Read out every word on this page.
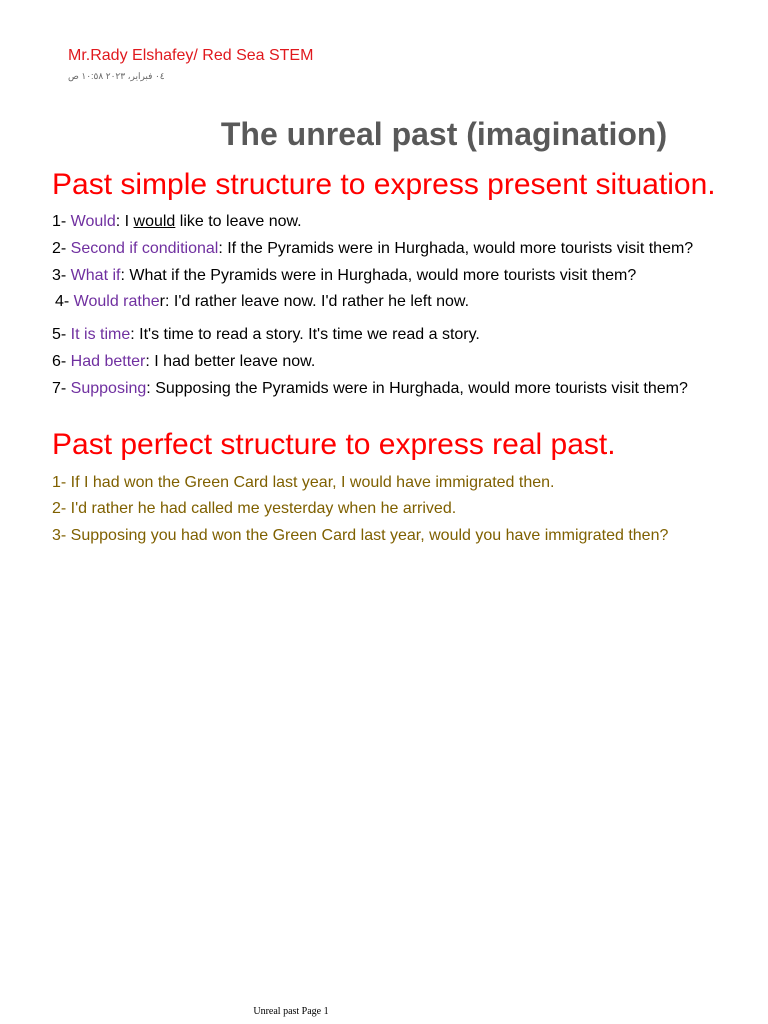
Mr.Rady Elshafey/ Red Sea STEM
٠٤ فبراير، ٢٠٢٣ ١٠:٥٨ ص
The unreal past (imagination)
Past simple structure to express present situation.
1- Would: I would like to leave now.
2- Second if conditional: If the Pyramids were in Hurghada, would more tourists visit them?
3- What if: What if the Pyramids were in Hurghada, would more tourists visit them?
4- Would rather: I'd rather leave now. I'd rather he left now.
5- It is time: It's time to read a story. It's time we read a story.
6- Had better: I had better leave now.
7- Supposing: Supposing the Pyramids were in Hurghada, would more tourists visit them?
Past perfect structure to express real past.
1- If I had won the Green Card last year, I would have immigrated then.
2- I'd rather he had called me yesterday when he arrived.
3- Supposing you had won the Green Card last year, would you have immigrated then?
Unreal past Page 1
